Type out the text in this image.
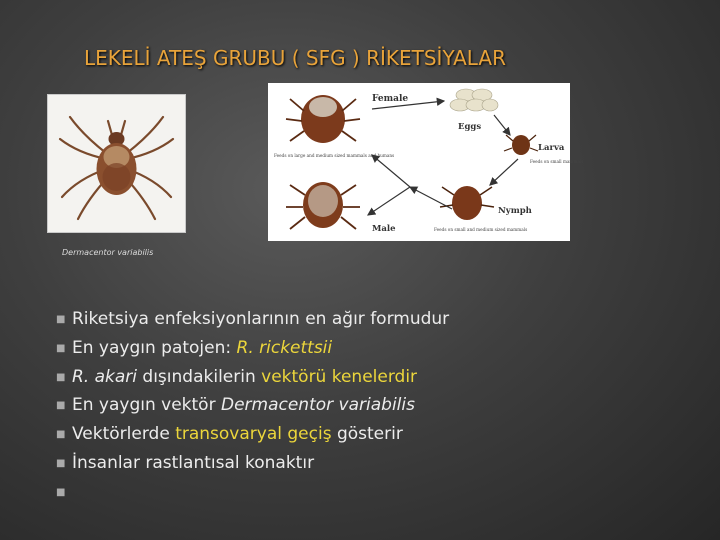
LEKELİ ATEŞ GRUBU ( SFG ) RİKETSİYALAR
Dermacentor variabilis
Female
Eggs
Larva
Feeds on small mammals
Nymph
Feeds on small and medium sized mammals
Male
Feeds on large and medium sized mammals and humans
■ Riketsiya enfeksiyonlarının en ağır formudur
■ En yaygın patojen: R. rickettsii
■ R. akari dışındakilerin vektörü kenelerdir
■ En yaygın vektör Dermacentor variabilis
■ Vektörlerde transovaryal geçiş gösterir
■ İnsanlar rastlantısal konaktır
■
